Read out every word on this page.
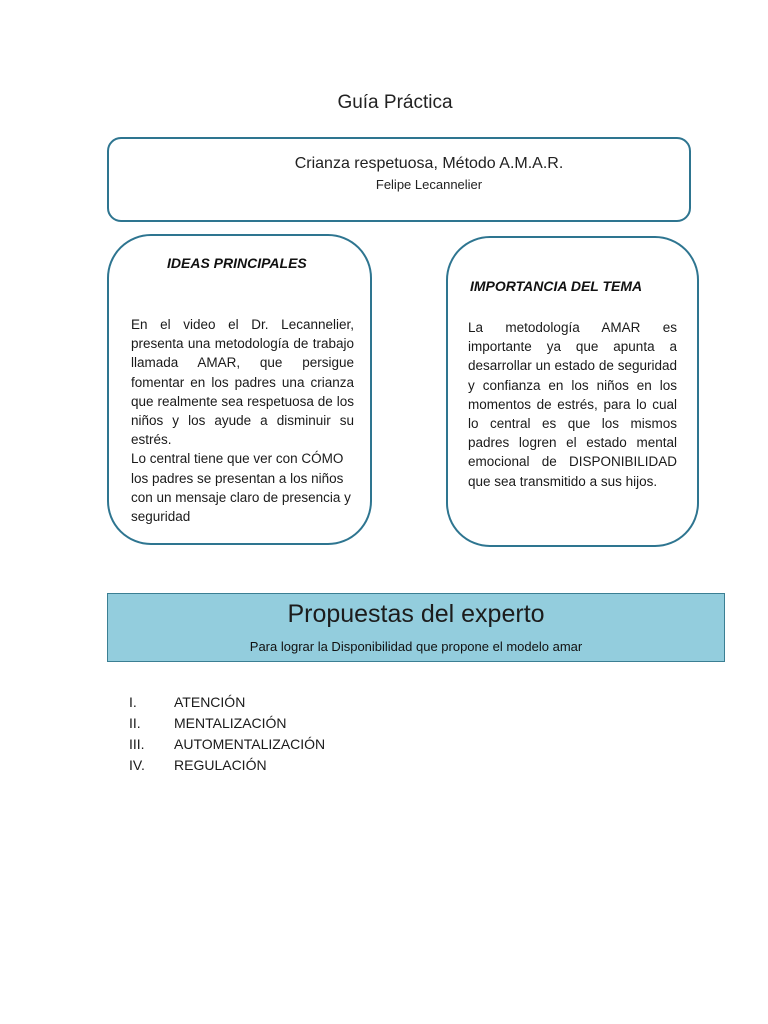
Guía Práctica
Crianza respetuosa, Método A.M.A.R.
Felipe Lecannelier
IDEAS PRINCIPALES

En el video el Dr. Lecannelier, presenta una metodología de trabajo llamada AMAR, que persigue fomentar en los padres una crianza que realmente sea respetuosa de los niños y los ayude a disminuir su estrés.

Lo central tiene que ver con CÓMO los padres se presentan a los niños con un mensaje claro de presencia y seguridad

IMPORTANCIA DEL TEMA

La metodología AMAR es importante ya que apunta a desarrollar un estado de seguridad y confianza en los niños en los momentos de estrés, para lo cual lo central es que los mismos padres logren el estado mental emocional de DISPONIBILIDAD que sea transmitido a sus hijos.

Propuestas del experto
Para lograr la Disponibilidad que propone el modelo amar
I.	ATENCIÓN
II. MENTALIZACIÓN
III. AUTOMENTALIZACIÓN
IV. REGULACIÓN
